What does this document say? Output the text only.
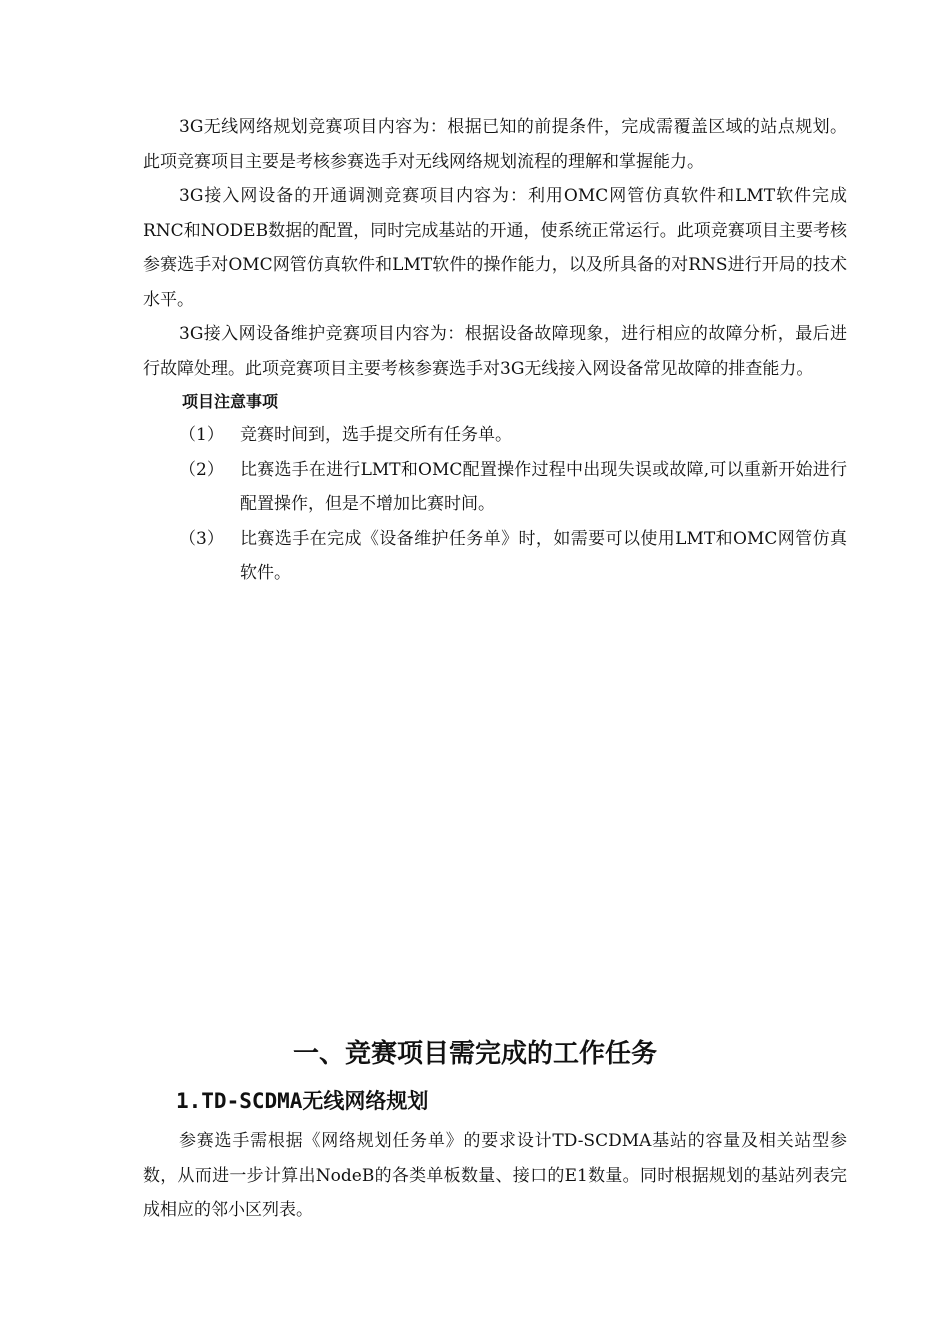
3G无线网络规划竞赛项目内容为：根据已知的前提条件，完成需覆盖区域的站点规划。此项竞赛项目主要是考核参赛选手对无线网络规划流程的理解和掌握能力。

3G接入网设备的开通调测竞赛项目内容为：利用OMC网管仿真软件和LMT软件完成RNC和NODEB数据的配置，同时完成基站的开通，使系统正常运行。此项竞赛项目主要考核参赛选手对OMC网管仿真软件和LMT软件的操作能力，以及所具备的对RNS进行开局的技术水平。

3G接入网设备维护竞赛项目内容为：根据设备故障现象，进行相应的故障分析，最后进行故障处理。此项竞赛项目主要考核参赛选手对3G无线接入网设备常见故障的排查能力。

项目注意事项

（1） 竞赛时间到，选手提交所有任务单。
（2） 比赛选手在进行LMT和OMC配置操作过程中出现失误或故障,可以重新开始进行配置操作，但是不增加比赛时间。
（3） 比赛选手在完成《设备维护任务单》时，如需要可以使用LMT和OMC网管仿真软件。
一、竞赛项目需完成的工作任务
1.TD-SCDMA无线网络规划

参赛选手需根据《网络规划任务单》的要求设计TD-SCDMA基站的容量及相关站型参数，从而进一步计算出NodeB的各类单板数量、接口的E1数量。同时根据规划的基站列表完成相应的邻小区列表。
